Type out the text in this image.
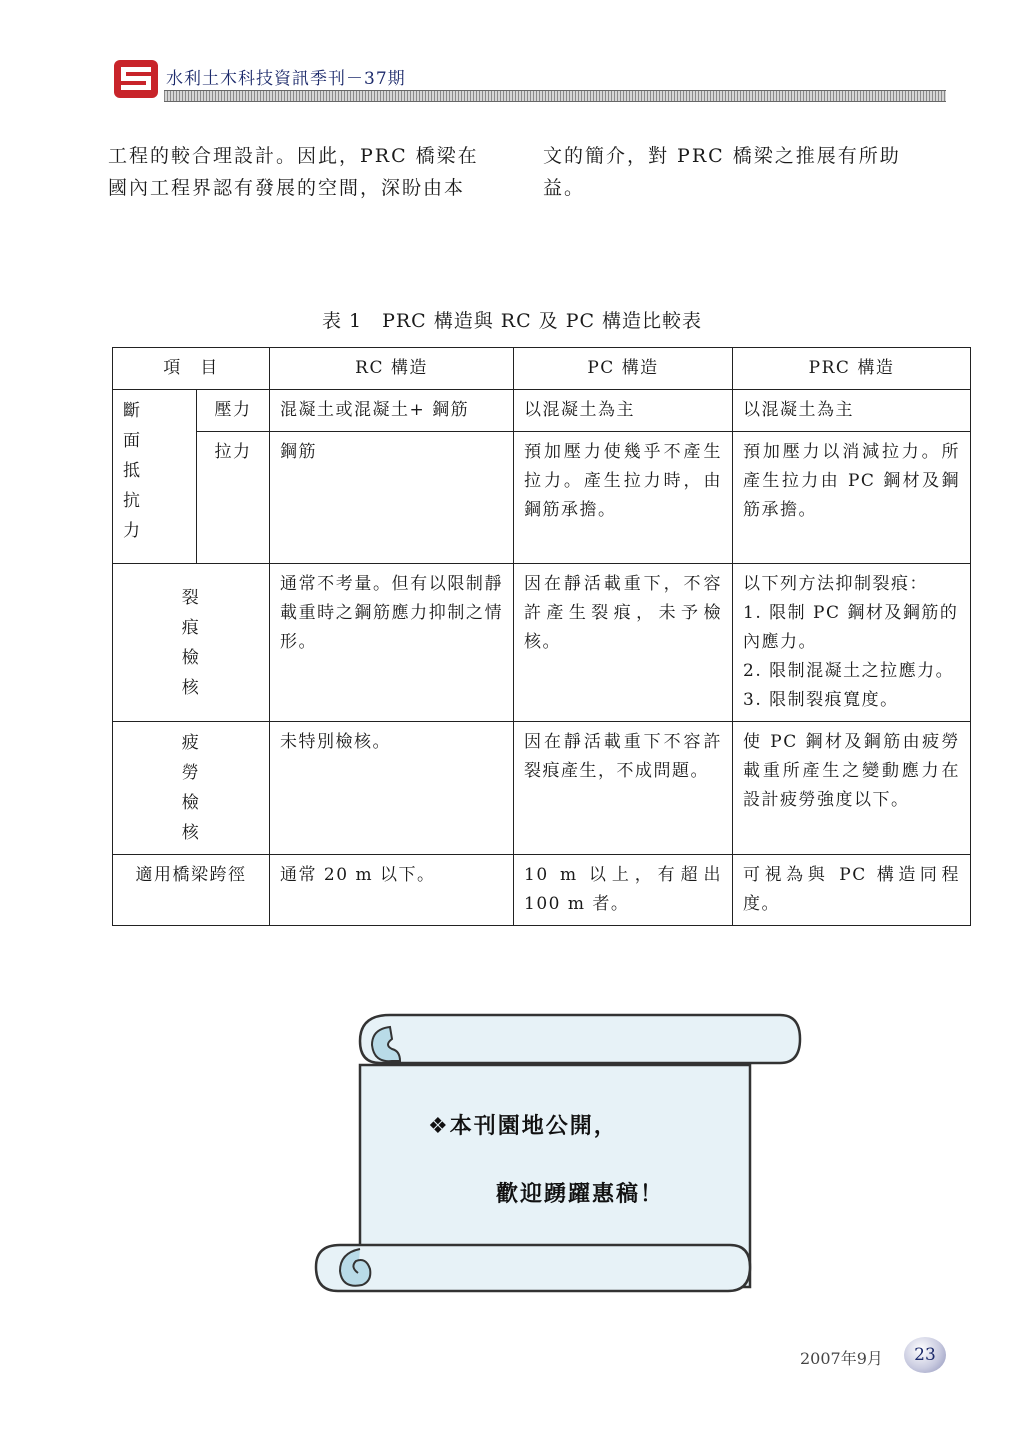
水利土木科技資訊季刊－37期

工程的較合理設計。因此，PRC 橋梁在

國內工程界認有發展的空間，深盼由本

文的簡介，對 PRC 橋梁之推展有所助

益。

表 1　PRC 構造與 RC 及 PC 構造比較表
項　目		RC 構造	PC 構造	PRC 構造

斷
面
抵
抗
力	壓力	混凝土或混凝土+ 鋼筋	以混凝土為主	以混凝土為主
	拉力	鋼筋	預加壓力使幾乎不產生拉力。產生拉力時，由鋼筋承擔。	預加壓力以消減拉力。所產生拉力由 PC 鋼材及鋼筋承擔。

裂
痕
檢
核		通常不考量。但有以限制靜載重時之鋼筋應力抑制之情形。	因在靜活載重下，不容許產生裂痕，未予檢核。	以下列方法抑制裂痕：
1. 限制 PC 鋼材及鋼筋的內應力。
2. 限制混凝土之拉應力。
3. 限制裂痕寬度。

疲
勞
檢
核		未特別檢核。	因在靜活載重下不容許裂痕產生，不成問題。	使 PC 鋼材及鋼筋由疲勞載重所產生之變動應力在設計疲勞強度以下。
適用橋梁跨徑		通常 20 m 以下。	10 m 以上，有超出 100 m 者。	可視為與 PC 構造同程度。
❖本刊園地公開，
歡迎踴躍惠稿！
2007年9月	23
